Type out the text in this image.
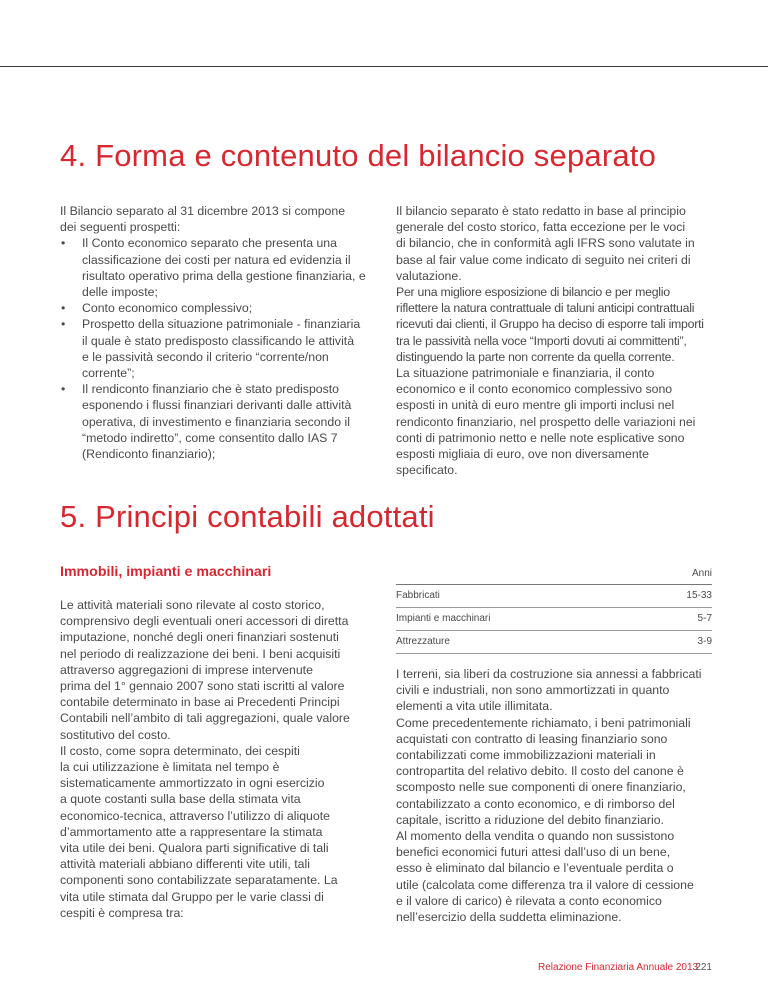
4. Forma e contenuto del bilancio separato

Il Bilancio separato al 31 dicembre 2013 si compone
dei seguenti prospetti:

• Il Conto economico separato che presenta una
classificazione dei costi per natura ed evidenzia il
risultato operativo prima della gestione finanziaria, e
delle imposte;
• Conto economico complessivo;
• Prospetto della situazione patrimoniale - finanziaria
il quale è stato predisposto classificando le attività
e le passività secondo il criterio “corrente/non
corrente”;
• Il rendiconto finanziario che è stato predisposto
esponendo i flussi finanziari derivanti dalle attività
operativa, di investimento e finanziaria secondo il
“metodo indiretto”, come consentito dallo IAS 7
(Rendiconto finanziario);

Il bilancio separato è stato redatto in base al principio
generale del costo storico, fatta eccezione per le voci
di bilancio, che in conformità agli IFRS sono valutate in
base al fair value come indicato di seguito nei criteri di
valutazione.

Per una migliore esposizione di bilancio e per meglio
riflettere la natura contrattuale di taluni anticipi contrattuali
ricevuti dai clienti, il Gruppo ha deciso di esporre tali importi
tra le passività nella voce “Importi dovuti ai committenti”,
distinguendo la parte non corrente da quella corrente.

La situazione patrimoniale e finanziaria, il conto
economico e il conto economico complessivo sono
esposti in unità di euro mentre gli importi inclusi nel
rendiconto finanziario, nel prospetto delle variazioni nei
conti di patrimonio netto e nelle note esplicative sono
esposti migliaia di euro, ove non diversamente specificato.

5. Principi contabili adottati
Immobili, impianti e macchinari

Le attività materiali sono rilevate al costo storico,
comprensivo degli eventuali oneri accessori di diretta
imputazione, nonché degli oneri finanziari sostenuti
nel periodo di realizzazione dei beni. I beni acquisiti
attraverso aggregazioni di imprese intervenute
prima del 1° gennaio 2007 sono stati iscritti al valore
contabile determinato in base ai Precedenti Principi
Contabili nell’ambito di tali aggregazioni, quale valore
sostitutivo del costo.
Il costo, come sopra determinato, dei cespiti
la cui utilizzazione è limitata nel tempo è
sistematicamente ammortizzato in ogni esercizio
a quote costanti sulla base della stimata vita
economico-tecnica, attraverso l’utilizzo di aliquote
d’ammortamento atte a rappresentare la stimata
vita utile dei beni. Qualora parti significative di tali
attività materiali abbiano differenti vite utili, tali
componenti sono contabilizzate separatamente. La
vita utile stimata dal Gruppo per le varie classi di
cespiti è compresa tra:

Anni
Fabbricati	15-33
Impianti e macchinari	5-7
Attrezzature	3-9

I terreni, sia liberi da costruzione sia annessi a fabbricati
civili e industriali, non sono ammortizzati in quanto
elementi a vita utile illimitata.
Come precedentemente richiamato, i beni patrimoniali
acquistati con contratto di leasing finanziario sono
contabilizzati come immobilizzazioni materiali in
contropartita del relativo debito. Il costo del canone è
scomposto nelle sue componenti di onere finanziario,
contabilizzato a conto economico, e di rimborso del
capitale, iscritto a riduzione del debito finanziario.
Al momento della vendita o quando non sussistono
benefici economici futuri attesi dall’uso di un bene,
esso è eliminato dal bilancio e l’eventuale perdita o
utile (calcolata come differenza tra il valore di cessione
e il valore di carico) è rilevata a conto economico
nell’esercizio della suddetta eliminazione.

Relazione Finanziaria Annuale 2013
221
